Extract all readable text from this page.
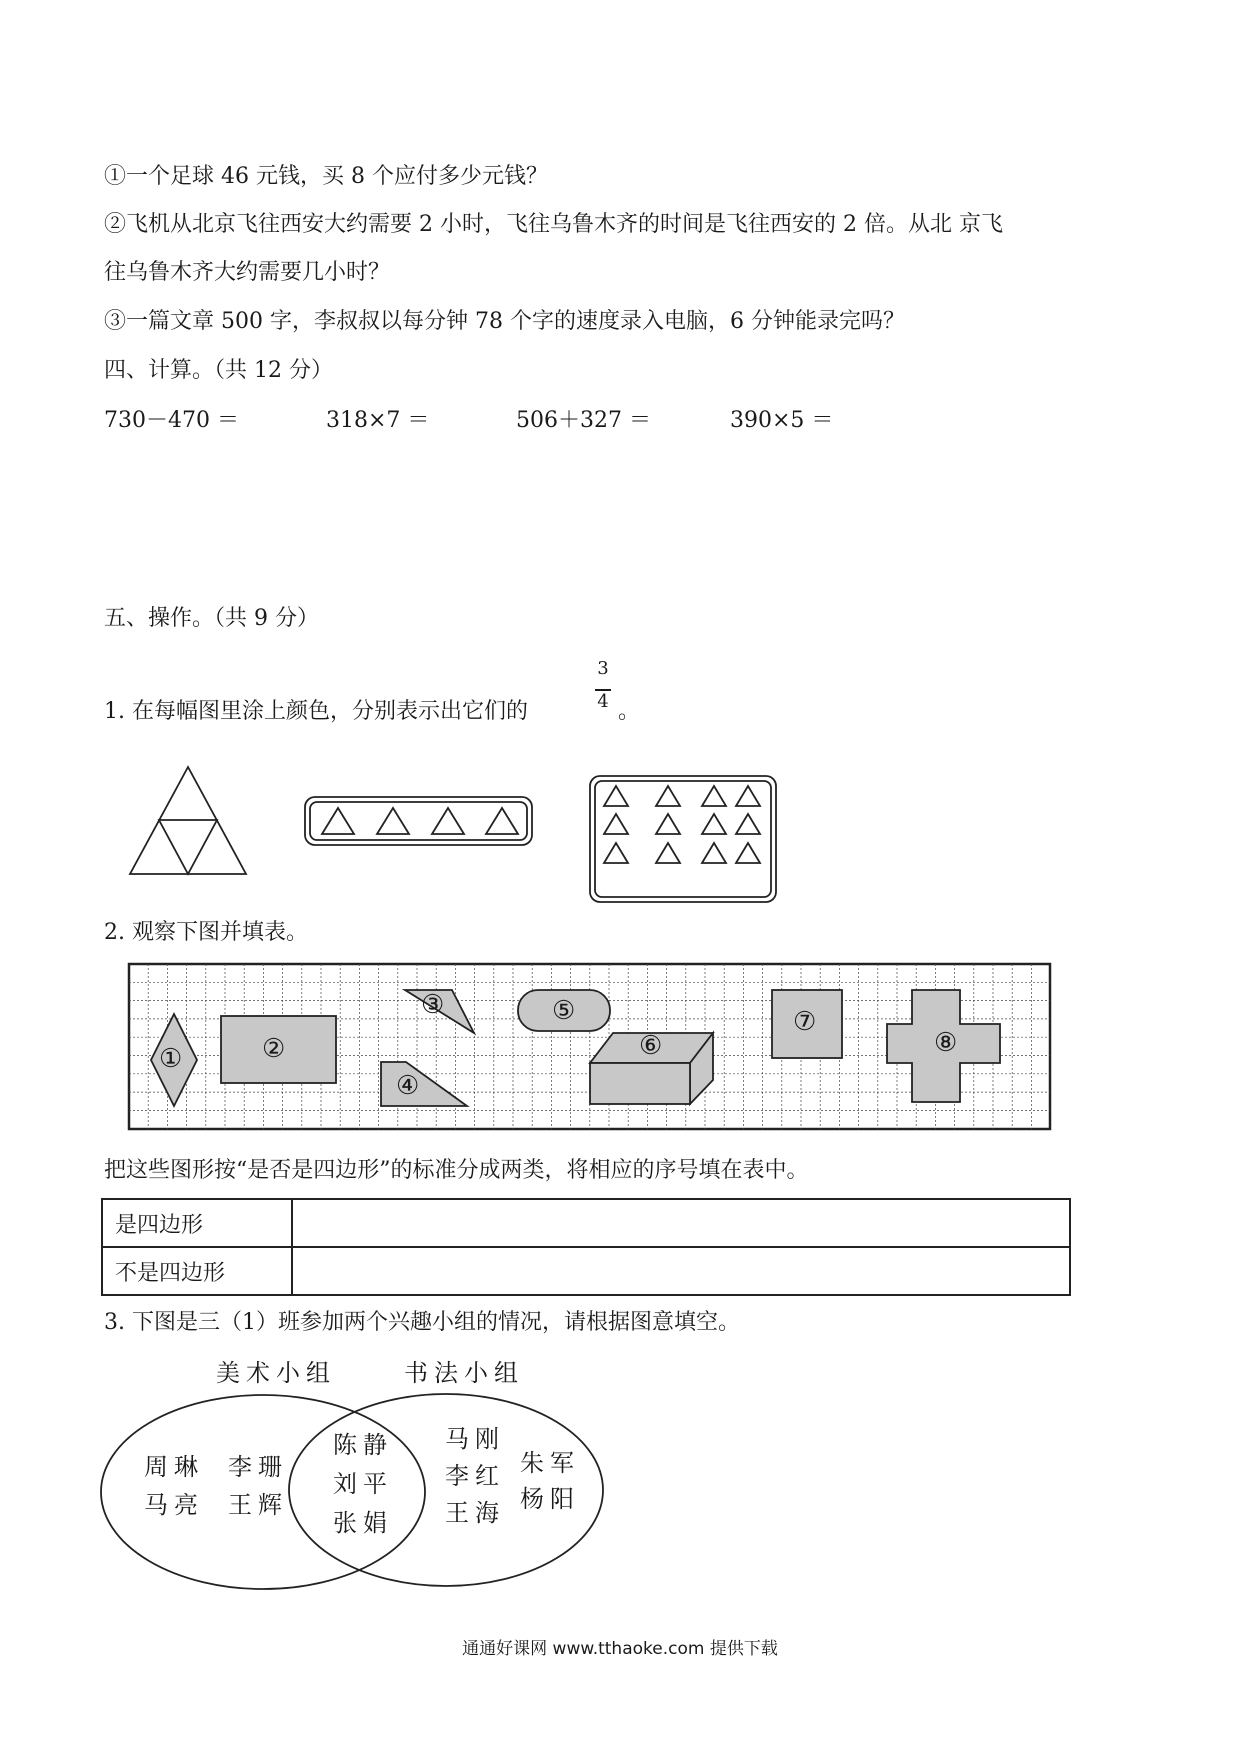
①一个足球 46 元钱，买 8 个应付多少元钱？
②飞机从北京飞往西安大约需要 2 小时，飞往乌鲁木齐的时间是飞往西安的 2 倍。从北 京飞
往乌鲁木齐大约需要几小时？
③一篇文章 500 字，李叔叔以每分钟 78 个字的速度录入电脑，6 分钟能录完吗？
四、计算。（共 12 分）
730－470 ＝	318×7 ＝	506＋327 ＝	390×5 ＝
五、操作。（共 9 分）
1. 在每幅图里涂上颜色，分别表示出它们的
3
4 。
①	②
③
④
⑤
⑥
⑦
⑧
2. 观察下图并填表。
把这些图形按“是否是四边形”的标准分成两类，将相应的序号填在表中。
是四边形	
不是四边形	
3. 下图是三（1）班参加两个兴趣小组的情况，请根据图意填空。
美术小组	书法小组
周琳 李珊
马亮 王辉
陈静
刘平
张娟
马刚
李红
王海
朱军
杨阳
通通好课网 www.tthaoke.com 提供下载
